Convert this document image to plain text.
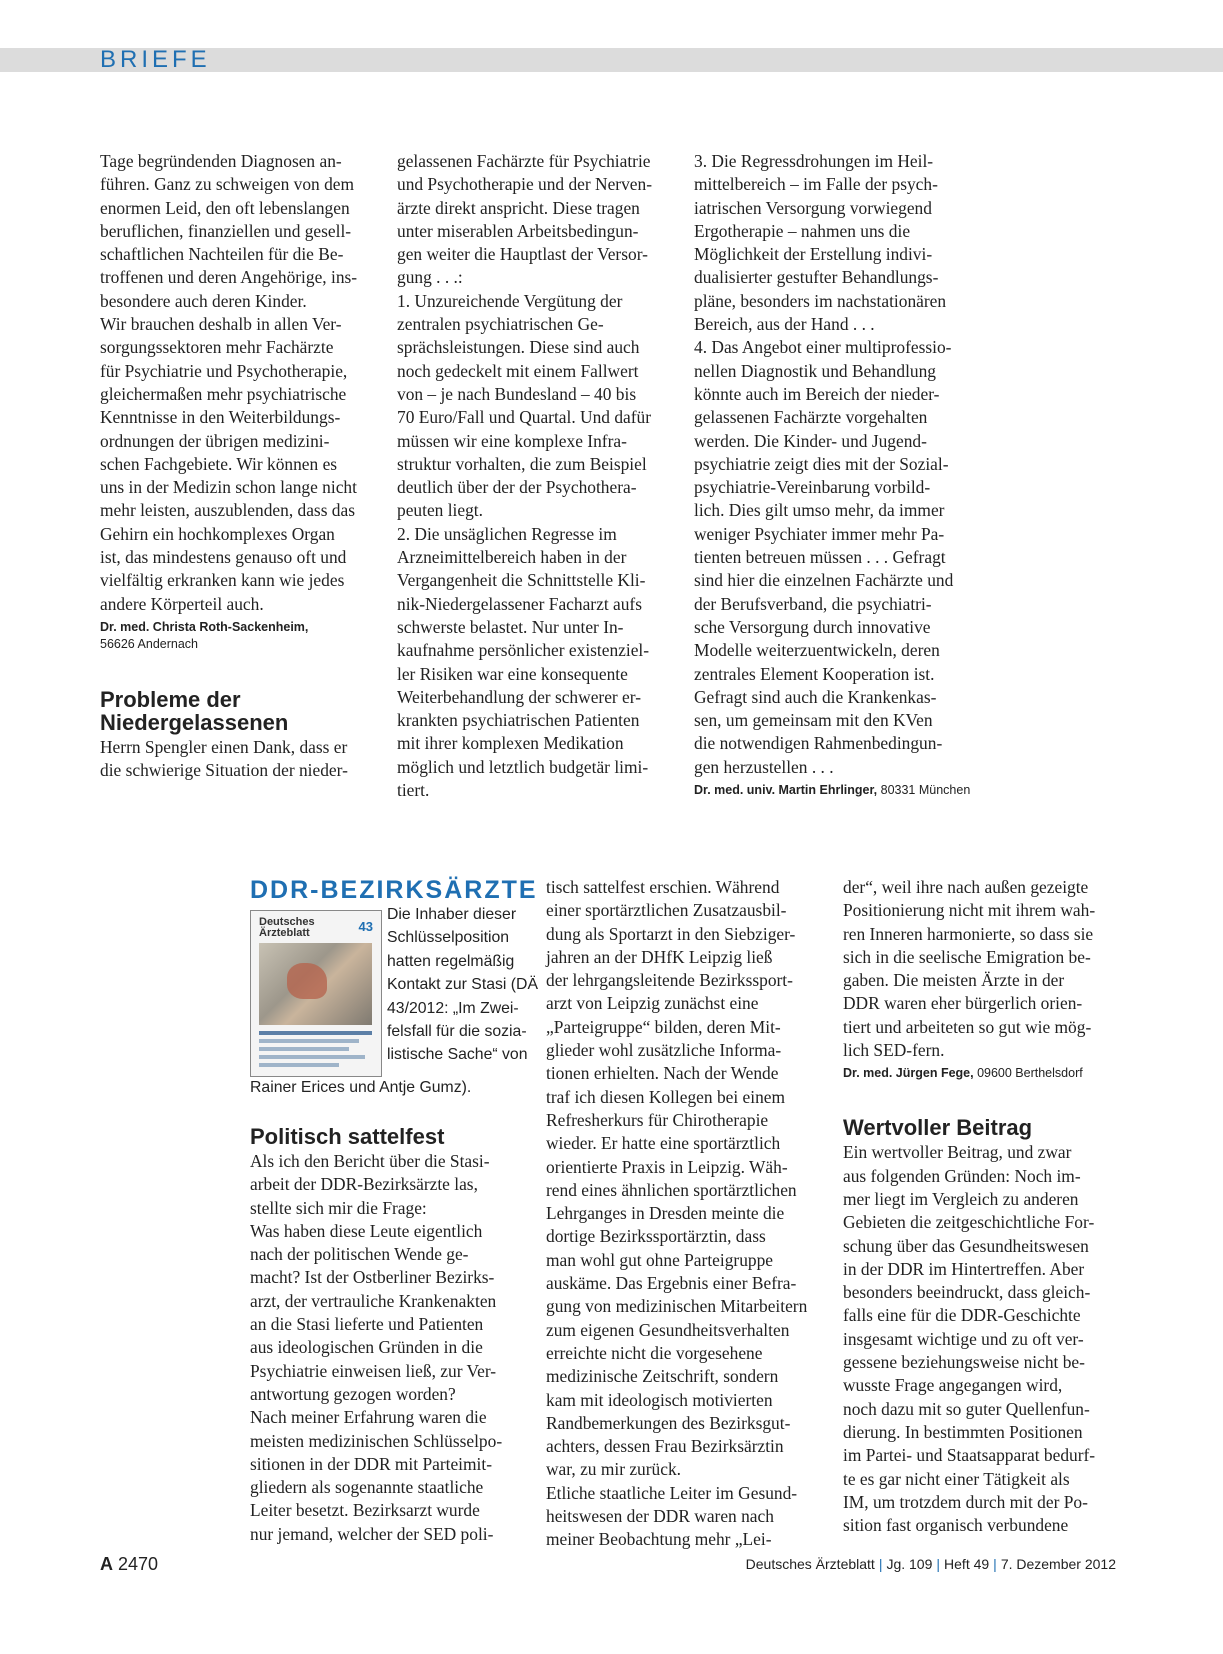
BRIEFE
Tage begründenden Diagnosen an-
führen. Ganz zu schweigen von dem
enormen Leid, den oft lebenslangen
beruflichen, finanziellen und gesell-
schaftlichen Nachteilen für die Be-
troffenen und deren Angehörige, ins-
besondere auch deren Kinder.
Wir brauchen deshalb in allen Ver-
sorgungssektoren mehr Fachärzte
für Psychiatrie und Psychotherapie,
gleichermaßen mehr psychiatrische
Kenntnisse in den Weiterbildungs-
ordnungen der übrigen medizini-
schen Fachgebiete. Wir können es
uns in der Medizin schon lange nicht
mehr leisten, auszublenden, dass das
Gehirn ein hochkomplexes Organ
ist, das mindestens genauso oft und
vielfältig erkranken kann wie jedes
andere Körperteil auch.
Dr. med. Christa Roth-Sackenheim,
56626 Andernach
Probleme der
Niedergelassenen
Herrn Spengler einen Dank, dass er
die schwierige Situation der nieder-
gelassenen Fachärzte für Psychiatrie
und Psychotherapie und der Nerven-
ärzte direkt anspricht. Diese tragen
unter miserablen Arbeitsbedingun-
gen weiter die Hauptlast der Versor-
gung . . .:
1. Unzureichende Vergütung der
zentralen psychiatrischen Ge-
sprächsleistungen. Diese sind auch
noch gedeckelt mit einem Fallwert
von – je nach Bundesland – 40 bis
70 Euro/Fall und Quartal. Und dafür
müssen wir eine komplexe Infra-
struktur vorhalten, die zum Beispiel
deutlich über der der Psychothera-
peuten liegt.
2. Die unsäglichen Regresse im
Arzneimittelbereich haben in der
Vergangenheit die Schnittstelle Kli-
nik-Niedergelassener Facharzt aufs
schwerste belastet. Nur unter In-
kaufnahme persönlicher existenziel-
ler Risiken war eine konsequente
Weiterbehandlung der schwerer er-
krankten psychiatrischen Patienten
mit ihrer komplexen Medikation
möglich und letztlich budgetär limi-
tiert.
3. Die Regressdrohungen im Heil-
mittelbereich – im Falle der psych-
iatrischen Versorgung vorwiegend
Ergotherapie – nahmen uns die
Möglichkeit der Erstellung indivi-
dualisierter gestufter Behandlungs-
pläne, besonders im nachstationären
Bereich, aus der Hand . . .
4. Das Angebot einer multiprofessio-
nellen Diagnostik und Behandlung
könnte auch im Bereich der nieder-
gelassenen Fachärzte vorgehalten
werden. Die Kinder- und Jugend-
psychiatrie zeigt dies mit der Sozial-
psychiatrie-Vereinbarung vorbild-
lich. Dies gilt umso mehr, da immer
weniger Psychiater immer mehr Pa-
tienten betreuen müssen . . . Gefragt
sind hier die einzelnen Fachärzte und
der Berufsverband, die psychiatri-
sche Versorgung durch innovative
Modelle weiterzuentwickeln, deren
zentrales Element Kooperation ist.
Gefragt sind auch die Krankenkas-
sen, um gemeinsam mit den KVen
die notwendigen Rahmenbedingun-
gen herzustellen . . .
Dr. med. univ. Martin Ehrlinger, 80331 München
DDR-BEZIRKSÄRZTE
Deutsches
Ärzteblatt	43
Die Inhaber dieser
Schlüsselposition
hatten regelmäßig
Kontakt zur Stasi (DÄ
43/2012: „Im Zwei-
felsfall für die sozia-
listische Sache“ von
Rainer Erices und Antje Gumz).
Politisch sattelfest
Als ich den Bericht über die Stasi-
arbeit der DDR-Bezirksärzte las,
stellte sich mir die Frage:
Was haben diese Leute eigentlich
nach der politischen Wende ge-
macht? Ist der Ostberliner Bezirks-
arzt, der vertrauliche Krankenakten
an die Stasi lieferte und Patienten
aus ideologischen Gründen in die
Psychiatrie einweisen ließ, zur Ver-
antwortung gezogen worden?
Nach meiner Erfahrung waren die
meisten medizinischen Schlüsselpo-
sitionen in der DDR mit Parteimit-
gliedern als sogenannte staatliche
Leiter besetzt. Bezirksarzt wurde
nur jemand, welcher der SED poli-
tisch sattelfest erschien. Während
einer sportärztlichen Zusatzausbil-
dung als Sportarzt in den Siebziger-
jahren an der DHfK Leipzig ließ
der lehrgangsleitende Bezirkssport-
arzt von Leipzig zunächst eine
„Parteigruppe“ bilden, deren Mit-
glieder wohl zusätzliche Informa-
tionen erhielten. Nach der Wende
traf ich diesen Kollegen bei einem
Refresherkurs für Chirotherapie
wieder. Er hatte eine sportärztlich
orientierte Praxis in Leipzig. Wäh-
rend eines ähnlichen sportärztlichen
Lehrganges in Dresden meinte die
dortige Bezirkssportärztin, dass
man wohl gut ohne Parteigruppe
auskäme. Das Ergebnis einer Befra-
gung von medizinischen Mitarbeitern
zum eigenen Gesundheitsverhalten
erreichte nicht die vorgesehene
medizinische Zeitschrift, sondern
kam mit ideologisch motivierten
Randbemerkungen des Bezirksgut-
achters, dessen Frau Bezirksärztin
war, zu mir zurück.
Etliche staatliche Leiter im Gesund-
heitswesen der DDR waren nach
meiner Beobachtung mehr „Lei-
der“, weil ihre nach außen gezeigte
Positionierung nicht mit ihrem wah-
ren Inneren harmonierte, so dass sie
sich in die seelische Emigration be-
gaben. Die meisten Ärzte in der
DDR waren eher bürgerlich orien-
tiert und arbeiteten so gut wie mög-
lich SED-fern.
Dr. med. Jürgen Fege, 09600 Berthelsdorf
Wertvoller Beitrag
Ein wertvoller Beitrag, und zwar
aus folgenden Gründen: Noch im-
mer liegt im Vergleich zu anderen
Gebieten die zeitgeschichtliche For-
schung über das Gesundheitswesen
in der DDR im Hintertreffen. Aber
besonders beeindruckt, dass gleich-
falls eine für die DDR-Geschichte
insgesamt wichtige und zu oft ver-
gessene beziehungsweise nicht be-
wusste Frage angegangen wird,
noch dazu mit so guter Quellenfun-
dierung. In bestimmten Positionen
im Partei- und Staatsapparat bedurf-
te es gar nicht einer Tätigkeit als
IM, um trotzdem durch mit der Po-
sition fast organisch verbundene
A 2470	Deutsches Ärzteblatt | Jg. 109 | Heft 49 | 7. Dezember 2012
